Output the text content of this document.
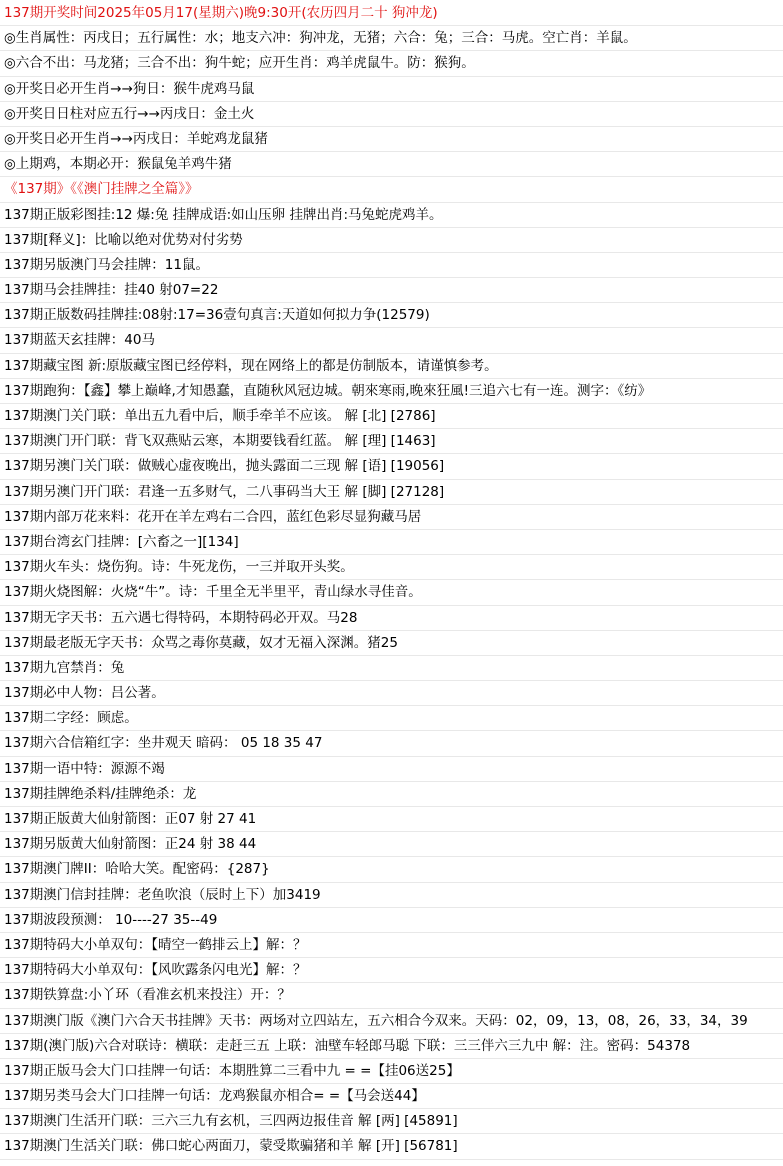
137期开奖时间2025年05月17(星期六)晚9:30开(农历四月二十 狗冲龙)
◎生肖属性：丙戌日；五行属性：水；地支六冲：狗冲龙，无猪；六合：兔；三合：马虎。空亡肖：羊鼠。
◎六合不出：马龙猪；三合不出：狗牛蛇；应开生肖：鸡羊虎鼠牛。防：猴狗。
◎开奖日必开生肖→→狗日：猴牛虎鸡马鼠
◎开奖日日柱对应五行→→丙戌日：金土火
◎开奖日必开生肖→→丙戌日：羊蛇鸡龙鼠猪
◎上期鸡，本期必开：猴鼠兔羊鸡牛猪
《137期》《《澳门挂牌之全篇》》
137期正版彩图挂:12 爆:兔 挂牌成语:如山压卵 挂牌出肖:马兔蛇虎鸡羊。
137期[释义]：比喻以绝对优势对付劣势
137期另版澳门马会挂牌：11鼠。
137期马会挂牌挂：挂40 射07=22
137期正版数码挂牌挂:08射:17=36壹句真言:天道如何拟力争(12579)
137期蓝天玄挂牌：40马
137期藏宝图 新:原版藏宝图已经停料，现在网络上的都是仿制版本，请谨慎参考。
137期跑狗：【鑫】攀上巅峰,才知愚蠢，直随秋风冠边城。朝來寒雨,晚來狂風!三追六七有一连。测字：《纺》
137期澳门关门联：单出五九看中后，顺手牵羊不应该。 解 [北] [2786]
137期澳门开门联：背飞双燕贴云寒，本期要钱看红蓝。 解 [理] [1463]
137期另澳门关门联：做贼心虚夜晚出，抛头露面二三现 解 [语] [19056]
137期另澳门开门联：君逢一五多财气，二八事码当大王 解 [脚] [27128]
137期内部万花来料：花开在羊左鸡右二合四，蓝红色彩尽显狗藏马居
137期台湾玄门挂牌：[六畜之一][134]
137期火车头：烧伤狗。诗：牛死龙伤，一三并取开头奖。
137期火烧图解：火烧“牛”。诗：千里全无半里平，青山绿水寻佳音。
137期无字天书：五六遇七得特码，本期特码必开双。马28
137期最老版无字天书：众骂之毒你莫藏，奴才无福入深渊。猪25
137期九宫禁肖：兔
137期必中人物：吕公著。
137期二字经：顾虑。
137期六合信箱红字：坐井观天 暗码： 05 18 35 47
137期一语中特：源源不竭
137期挂牌绝杀料/挂牌绝杀：龙
137期正版黄大仙射箭图：正07 射 27 41
137期另版黄大仙射箭图：正24 射 38 44
137期澳门牌II：哈哈大笑。配密码：{287}
137期澳门信封挂牌：老鱼吹浪（辰时上下）加3419
137期波段预测： 10----27 35--49
137期特码大小单双句：【晴空一鹤排云上】解：？
137期特码大小单双句：【风吹露条闪电光】解：？
137期铁算盘:小丫环（看准玄机来投注）开：？
137期澳门版《澳门六合天书挂牌》天书：两场对立四站左，五六相合今双来。天码：02，09，13，08，26，33，34，39
137期(澳门版)六合对联诗：横联：走赶三五 上联：油壁车轻郎马聪 下联：三三伴六三九中 解：注。密码：54378
137期正版马会大门口挂牌一句话：本期胜算二三看中九 = =【挂06送25】
137期另类马会大门口挂牌一句话：龙鸡猴鼠亦相合= =【马会送44】
137期澳门生活开门联：三六三九有玄机，三四两边报佳音 解 [两] [45891]
137期澳门生活关门联：佛口蛇心两面刀，蒙受欺骗猪和羊 解 [开] [56781]
